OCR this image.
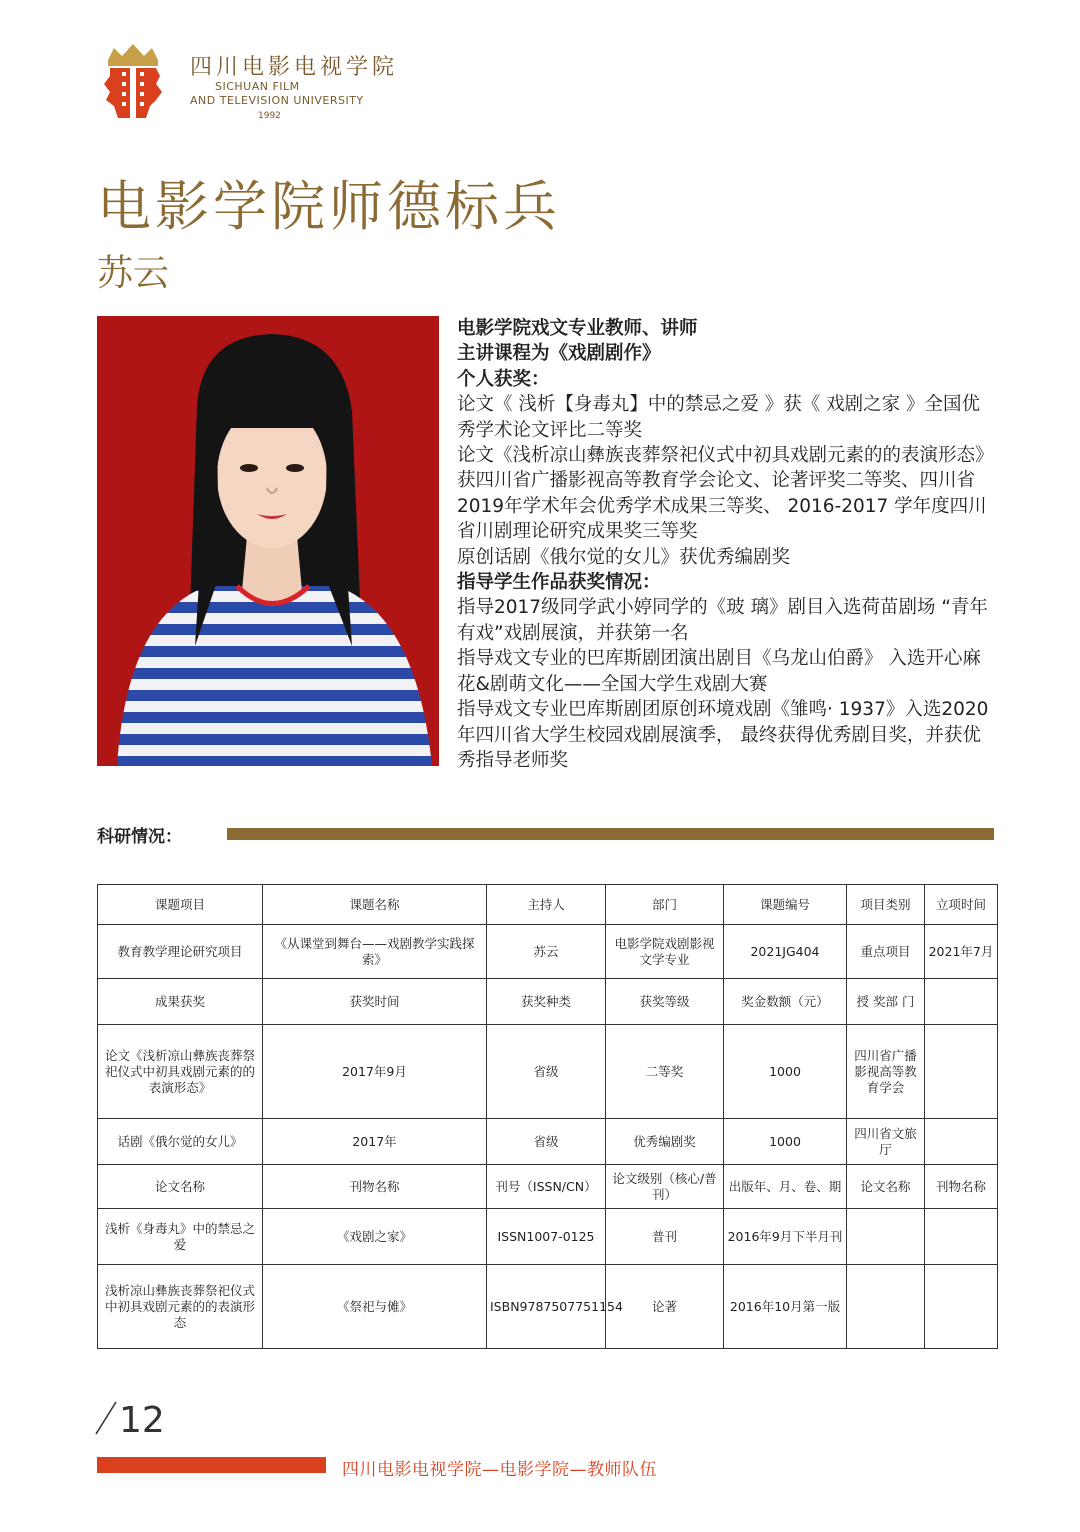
四川电影电视学院
SICHUAN FILM
AND TELEVISION UNIVERSITY
1992
电影学院师德标兵
苏云
电影学院戏文专业教师、讲师
主讲课程为《戏剧剧作》
个人获奖：
论文《 浅析【身毒丸】中的禁忌之爱 》获《 戏剧之家 》全国优
秀学术论文评比二等奖
论文《浅析凉山彝族丧葬祭祀仪式中初具戏剧元素的的表演形态》
获四川省广播影视高等教育学会论文、论著评奖二等奖、四川省
2019年学术年会优秀学术成果三等奖、 2016-2017 学年度四川
省川剧理论研究成果奖三等奖
原创话剧《俄尔觉的女儿》获优秀编剧奖
指导学生作品获奖情况：
指导2017级同学武小婷同学的《玻 璃》剧目入选荷苗剧场 “青年
有戏”戏剧展演，并获第一名
指导戏文专业的巴库斯剧团演出剧目《乌龙山伯爵》 入选开心麻
花&剧萌文化——全国大学生戏剧大赛
指导戏文专业巴库斯剧团原创环境戏剧《雏鸣· 1937》入选2020
年四川省大学生校园戏剧展演季， 最终获得优秀剧目奖，并获优
秀指导老师奖
科研情况：
课题项目	课题名称	主持人	部门	课题编号	项目类别	立项时间
教育教学理论研究项目	《从课堂到舞台——戏剧教学实践探索》	苏云	电影学院戏剧影视文学专业	2021JG404	重点项目	2021年7月
成果获奖	获奖时间	获奖种类	获奖等级	奖金数额（元）	授 奖部 门	
论文《浅析凉山彝族丧葬祭祀仪式中初具戏剧元素的的表演形态》	2017年9月	省级	二等奖	1000	四川省广播影视高等教育学会	
话剧《俄尔觉的女儿》	2017年	省级	优秀编剧奖	1000	四川省文旅厅	
论文名称	刊物名称	刊号（ISSN/CN）	论文级别（核心/普刊）	出版年、月、卷、期	论文名称	刊物名称
浅析《身毒丸》中的禁忌之爱	《戏剧之家》	ISSN1007-0125	普刊	2016年9月下半月刊		
浅析凉山彝族丧葬祭祀仪式中初具戏剧元素的的表演形态	《祭祀与傩》	ISBN9787507751154	论著	2016年10月第一版		
12
四川电影电视学院—电影学院—教师队伍
